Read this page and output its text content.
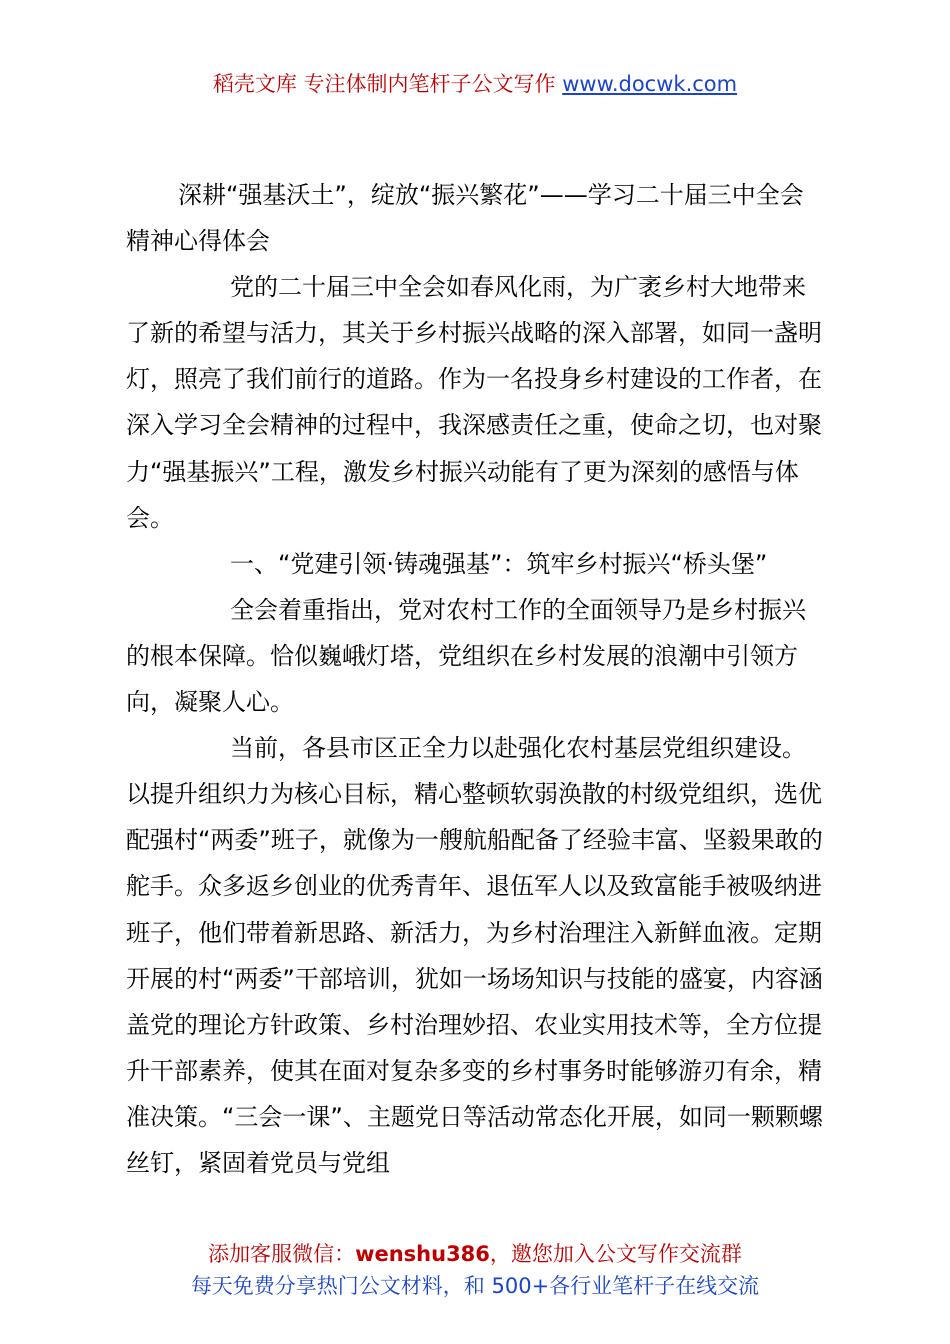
稻壳文库 专注体制内笔杆子公文写作 www.docwk.com

深耕“强基沃土”，绽放“振兴繁花”——学习二十届三中全会精神心得体会

党的二十届三中全会如春风化雨，为广袤乡村大地带来了新的希望与活力，其关于乡村振兴战略的深入部署，如同一盏明灯，照亮了我们前行的道路。作为一名投身乡村建设的工作者，在深入学习全会精神的过程中，我深感责任之重，使命之切，也对聚力“强基振兴”工程，激发乡村振兴动能有了更为深刻的感悟与体会。

一、“党建引领·铸魂强基”：筑牢乡村振兴“桥头堡”

全会着重指出，党对农村工作的全面领导乃是乡村振兴的根本保障。恰似巍峨灯塔，党组织在乡村发展的浪潮中引领方向，凝聚人心。

当前，各县市区正全力以赴强化农村基层党组织建设。以提升组织力为核心目标，精心整顿软弱涣散的村级党组织，选优配强村“两委”班子，就像为一艘航船配备了经验丰富、坚毅果敢的舵手。众多返乡创业的优秀青年、退伍军人以及致富能手被吸纳进班子，他们带着新思路、新活力，为乡村治理注入新鲜血液。定期开展的村“两委”干部培训，犹如一场场知识与技能的盛宴，内容涵盖党的理论方针政策、乡村治理妙招、农业实用技术等，全方位提升干部素养，使其在面对复杂多变的乡村事务时能够游刃有余，精准决策。“三会一课”、主题党日等活动常态化开展，如同一颗颗螺丝钉，紧固着党员与党组

添加客服微信：wenshu386，邀您加入公文写作交流群
每天免费分享热门公文材料，和 500+各行业笔杆子在线交流
